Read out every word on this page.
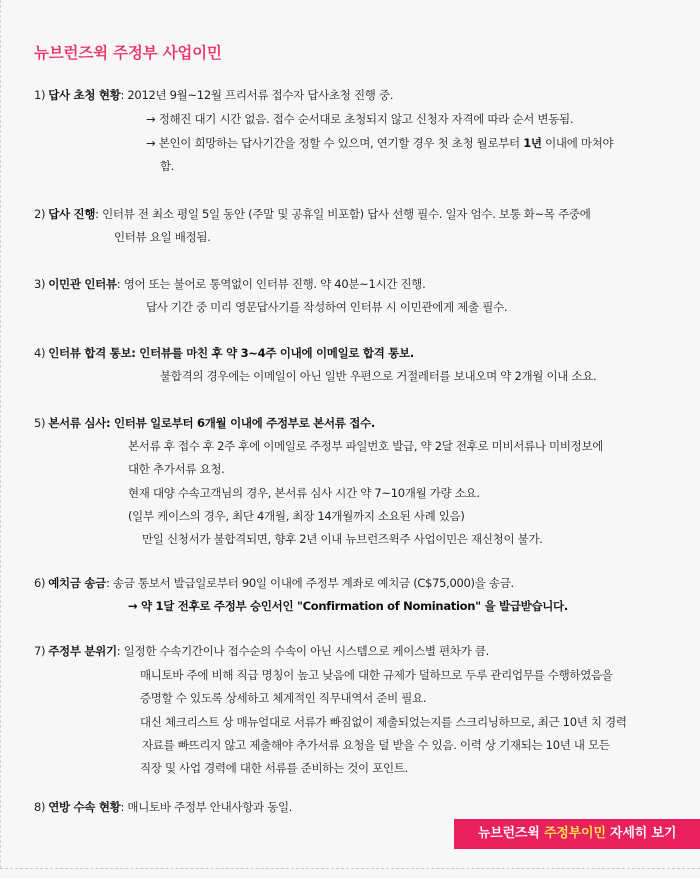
뉴브런즈윅 주정부 사업이민
1) 답사 초청 현황: 2012년 9월~12월 프리서류 접수자 답사초청 진행 중.
→ 정해진 대기 시간 없음. 접수 순서대로 초청되지 않고 신청자 자격에 따라 순서 변동됨.
→ 본인이 희망하는 답사기간을 정할 수 있으며, 연기할 경우 첫 초청 월로부터 1년 이내에 마쳐야
함.
2) 답사 진행: 인터뷰 전 최소 평일 5일 동안 (주말 및 공휴일 비포함) 답사 선행 필수. 일자 엄수. 보통 화~목 주중에
인터뷰 요일 배정됨.
3) 이민관 인터뷰: 영어 또는 불어로 통역없이 인터뷰 진행. 약 40분~1시간 진행.
답사 기간 중 미리 영문답사기를 작성하여 인터뷰 시 이민관에게 제출 필수.
4) 인터뷰 합격 통보: 인터뷰를 마친 후 약 3~4주 이내에 이메일로 합격 통보.
불합격의 경우에는 이메일이 아닌 일반 우편으로 거절레터를 보내오며 약 2개월 이내 소요.
5) 본서류 심사: 인터뷰 일로부터 6개월 이내에 주정부로 본서류 접수.
본서류 후 접수 후 2주 후에 이메일로 주정부 파일번호 발급, 약 2달 전후로 미비서류나 미비정보에
대한 추가서류 요청.
현재 대양 수속고객님의 경우, 본서류 심사 시간 약 7~10개월 가량 소요.
(일부 케이스의 경우, 최단 4개월, 최장 14개월까지 소요된 사례 있음)
만일 신청서가 불합격되면, 향후 2년 이내 뉴브런즈윅주 사업이민은 재신청이 불가.
6) 예치금 송금: 송금 통보서 발급일로부터 90일 이내에 주정부 계좌로 예치금 (C$75,000)을 송금.
→ 약 1달 전후로 주정부 승인서인 "Confirmation of Nomination" 을 발급받습니다.
7) 주정부 분위기: 일정한 수속기간이나 접수순의 수속이 아닌 시스템으로 케이스별 편차가 큼.
매니토바 주에 비해 직급 명칭이 높고 낮음에 대한 규제가 덜하므로 두루 관리업무를 수행하였음을
증명할 수 있도록 상세하고 체계적인 직무내역서 준비 필요.
대신 체크리스트 상 매뉴얼대로 서류가 빠짐없이 제출되었는지를 스크리닝하므로, 최근 10년 치 경력
자료를 빠뜨리지 않고 제출해야 추가서류 요청을 덜 받을 수 있음. 이력 상 기재되는 10년 내 모든
직장 및 사업 경력에 대한 서류를 준비하는 것이 포인트.
8) 연방 수속 현황: 매니토바 주정부 안내사항과 동일.
뉴브런즈윅 주정부이민 자세히 보기
